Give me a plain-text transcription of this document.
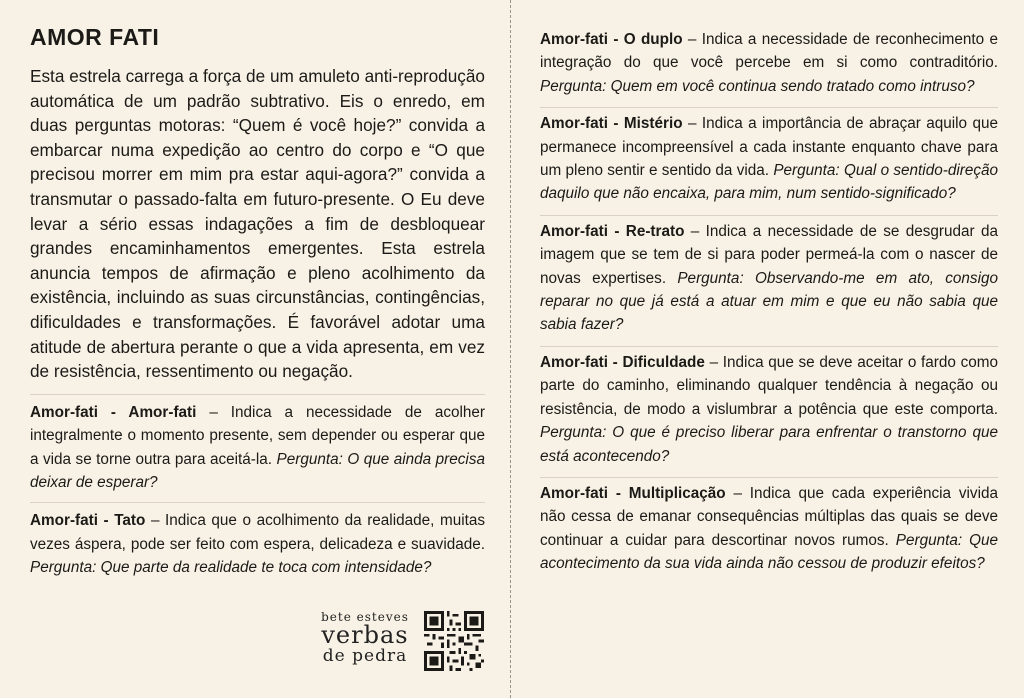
AMOR FATI

Esta estrela carrega a força de um amuleto anti-reprodução automática de um padrão subtrativo. Eis o enredo, em duas perguntas motoras: “Quem é você hoje?” convida a embarcar numa expedição ao centro do corpo e “O que precisou morrer em mim pra estar aqui-agora?” convida a transmutar o passado-falta em futuro-presente. O Eu deve levar a sério essas indagações a fim de desbloquear grandes encaminhamentos emergentes. Esta estrela anuncia tempos de afirmação e pleno acolhimento da existência, incluindo as suas circunstâncias, contingências, dificuldades e transformações. É favorável adotar uma atitude de abertura perante o que a vida apresenta, em vez de resistência, ressentimento ou negação.

Amor-fati - Amor-fati – Indica a necessidade de acolher integralmente o momento presente, sem depender ou esperar que a vida se torne outra para aceitá-la. Pergunta: O que ainda precisa deixar de esperar?
Amor-fati - Tato – Indica que o acolhimento da realidade, muitas vezes áspera, pode ser feito com espera, delicadeza e suavidade. Pergunta: Que parte da realidade te toca com intensidade?
bete esteves
verbas
de pedra
Amor-fati - O duplo – Indica a necessidade de reconhecimento e integração do que você percebe em si como contraditório. Pergunta: Quem em você continua sendo tratado como intruso?
Amor-fati - Mistério – Indica a importância de abraçar aquilo que permanece incompreensível a cada instante enquanto chave para um pleno sentir e sentido da vida. Pergunta: Qual o sentido-direção daquilo que não encaixa, para mim, num sentido-significado?
Amor-fati - Re-trato – Indica a necessidade de se desgrudar da imagem que se tem de si para poder permeá-la com o nascer de novas expertises. Pergunta: Observando-me em ato, consigo reparar no que já está a atuar em mim e que eu não sabia que sabia fazer?
Amor-fati - Dificuldade – Indica que se deve aceitar o fardo como parte do caminho, eliminando qualquer tendência à negação ou resistência, de modo a vislumbrar a potência que este comporta. Pergunta: O que é preciso liberar para enfrentar o transtorno que está acontecendo?
Amor-fati - Multiplicação – Indica que cada experiência vivida não cessa de emanar consequências múltiplas das quais se deve continuar a cuidar para descortinar novos rumos. Pergunta: Que acontecimento da sua vida ainda não cessou de produzir efeitos?
